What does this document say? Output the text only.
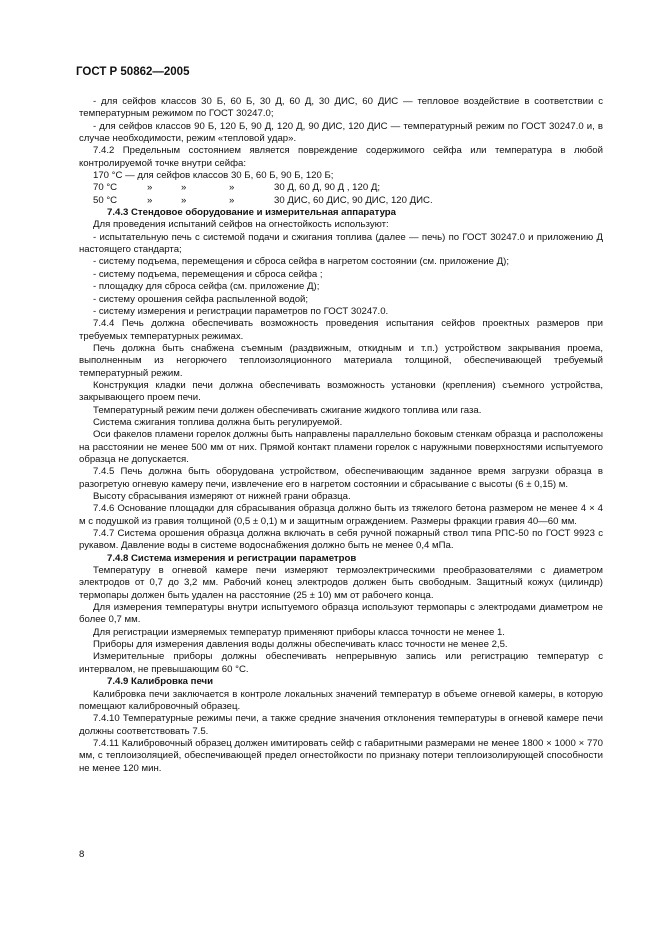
ГОСТ Р 50862—2005

- для сейфов классов 30 Б, 60 Б, 30 Д, 60 Д, 30 ДИС, 60 ДИС — тепловое воздействие в соответствии с температурным режимом по ГОСТ 30247.0;

- для сейфов классов 90 Б, 120 Б, 90 Д, 120 Д, 90 ДИС, 120 ДИС — температурный режим по ГОСТ 30247.0 и, в случае необходимости, режим «тепловой удар».

7.4.2 Предельным состоянием является повреждение содержимого сейфа или температура в любой контролируемой точке внутри сейфа:

170 °С — для сейфов классов 30 Б, 60 Б, 90 Б, 120 Б;

70 °С	»	»	»	30 Д, 60 Д, 90 Д , 120 Д;
50 °С	»	»	»	30 ДИС, 60 ДИС, 90 ДИС, 120 ДИС.

7.4.3 Стендовое оборудование и измерительная аппаратура

Для проведения испытаний сейфов на огнестойкость используют:

- испытательную печь с системой подачи и сжигания топлива (далее — печь) по ГОСТ 30247.0 и приложению Д настоящего стандарта;

- систему подъема, перемещения и сброса сейфа в нагретом состоянии (см. приложение Д);

- систему подъема, перемещения и сброса сейфа ;

- площадку для сброса сейфа (см. приложение Д);

- систему орошения сейфа распыленной водой;

- систему измерения и регистрации параметров по ГОСТ 30247.0.

7.4.4 Печь должна обеспечивать возможность проведения испытания сейфов проектных размеров при требуемых температурных режимах.

Печь должна быть снабжена съемным (раздвижным, откидным и т.п.) устройством закрывания проема, выполненным из негорючего теплоизоляционного материала толщиной, обеспечивающей требуемый температурный режим.

Конструкция кладки печи должна обеспечивать возможность установки (крепления) съемного устройства, закрывающего проем печи.

Температурный режим печи должен обеспечивать сжигание жидкого топлива или газа.

Система сжигания топлива должна быть регулируемой.

Оси факелов пламени горелок должны быть направлены параллельно боковым стенкам образца и расположены на расстоянии не менее 500 мм от них. Прямой контакт пламени горелок с наружными поверхностями испытуемого образца не допускается.

7.4.5 Печь должна быть оборудована устройством, обеспечивающим заданное время загрузки образца в разогретую огневую камеру печи, извлечение его в нагретом состоянии и сбрасывание с высоты (6 ± 0,15) м.

Высоту сбрасывания измеряют от нижней грани образца.

7.4.6 Основание площадки для сбрасывания образца должно быть из тяжелого бетона размером не менее 4 × 4 м с подушкой из гравия толщиной (0,5 ± 0,1) м и защитным ограждением. Размеры фракции гравия 40—60 мм.

7.4.7 Система орошения образца должна включать в себя ручной пожарный ствол типа РПС-50 по ГОСТ 9923 с рукавом. Давление воды в системе водоснабжения должно быть не менее 0,4 мПа.

7.4.8 Система измерения и регистрации параметров

Температуру в огневой камере печи измеряют термоэлектрическими преобразователями с диаметром электродов от 0,7 до 3,2 мм. Рабочий конец электродов должен быть свободным. Защитный кожух (цилиндр) термопары должен быть удален на расстояние (25 ± 10) мм от рабочего конца.

Для измерения температуры внутри испытуемого образца используют термопары с электродами диаметром не более 0,7 мм.

Для регистрации измеряемых температур применяют приборы класса точности не менее 1.

Приборы для измерения давления воды должны обеспечивать класс точности не менее 2,5.

Измерительные приборы должны обеспечивать непрерывную запись или регистрацию температур с интервалом, не превышающим 60 °С.

7.4.9 Калибровка печи

Калибровка печи заключается в контроле локальных значений температур в объеме огневой камеры, в которую помещают калибровочный образец.

7.4.10 Температурные режимы печи, а также средние значения отклонения температуры в огневой камере печи должны соответствовать 7.5.

7.4.11 Калибровочный образец должен имитировать сейф с габаритными размерами не менее 1800 × 1000 × 770 мм, с теплоизоляцией, обеспечивающей предел огнестойкости по признаку потери теплоизолирующей способности не менее 120 мин.

8
